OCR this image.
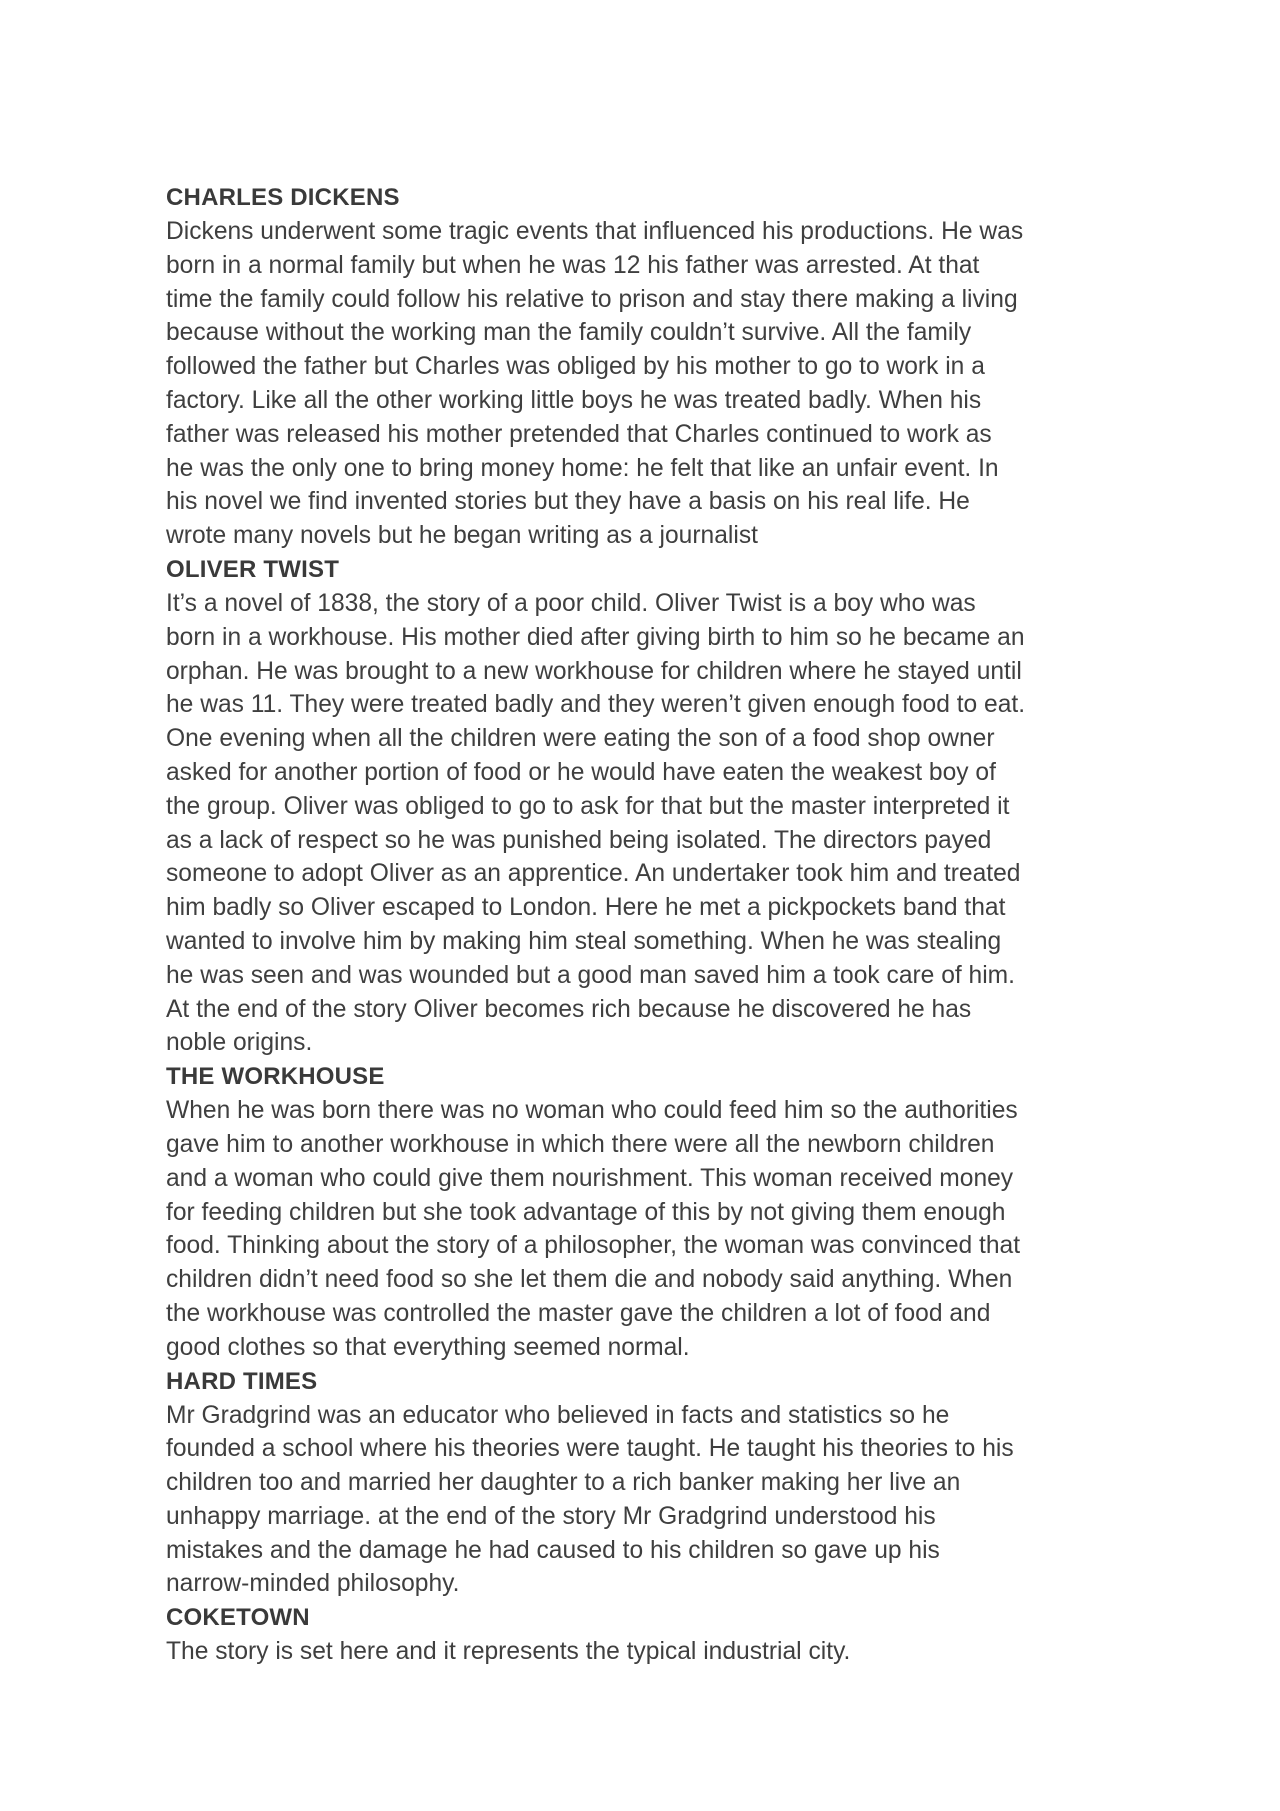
CHARLES DICKENS

Dickens underwent some tragic events that influenced his productions. He was
born in a normal family but when he was 12 his father was arrested. At that
time the family could follow his relative to prison and stay there making a living
because without the working man the family couldn’t survive. All the family
followed the father but Charles was obliged by his mother to go to work in a
factory. Like all the other working little boys he was treated badly. When his
father was released his mother pretended that Charles continued to work as
he was the only one to bring money home: he felt that like an unfair event. In
his novel we find invented stories but they have a basis on his real life. He
wrote many novels but he began writing as a journalist

OLIVER TWIST

It’s a novel of 1838, the story of a poor child. Oliver Twist is a boy who was
born in a workhouse. His mother died after giving birth to him so he became an
orphan. He was brought to a new workhouse for children where he stayed until
he was 11. They were treated badly and they weren’t given enough food to eat.
One evening when all the children were eating the son of a food shop owner
asked for another portion of food or he would have eaten the weakest boy of
the group. Oliver was obliged to go to ask for that but the master interpreted it
as a lack of respect so he was punished being isolated. The directors payed
someone to adopt Oliver as an apprentice. An undertaker took him and treated
him badly so Oliver escaped to London. Here he met a pickpockets band that
wanted to involve him by making him steal something. When he was stealing
he was seen and was wounded but a good man saved him a took care of him.
At the end of the story Oliver becomes rich because he discovered he has
noble origins.

THE WORKHOUSE

When he was born there was no woman who could feed him so the authorities
gave him to another workhouse in which there were all the newborn children
and a woman who could give them nourishment. This woman received money
for feeding children but she took advantage of this by not giving them enough
food. Thinking about the story of a philosopher, the woman was convinced that
children didn’t need food so she let them die and nobody said anything. When
the workhouse was controlled the master gave the children a lot of food and
good clothes so that everything seemed normal.

HARD TIMES

Mr Gradgrind was an educator who believed in facts and statistics so he
founded a school where his theories were taught. He taught his theories to his
children too and married her daughter to a rich banker making her live an
unhappy marriage. at the end of the story Mr Gradgrind understood his
mistakes and the damage he had caused to his children so gave up his
narrow-minded philosophy.

COKETOWN

The story is set here and it represents the typical industrial city.
